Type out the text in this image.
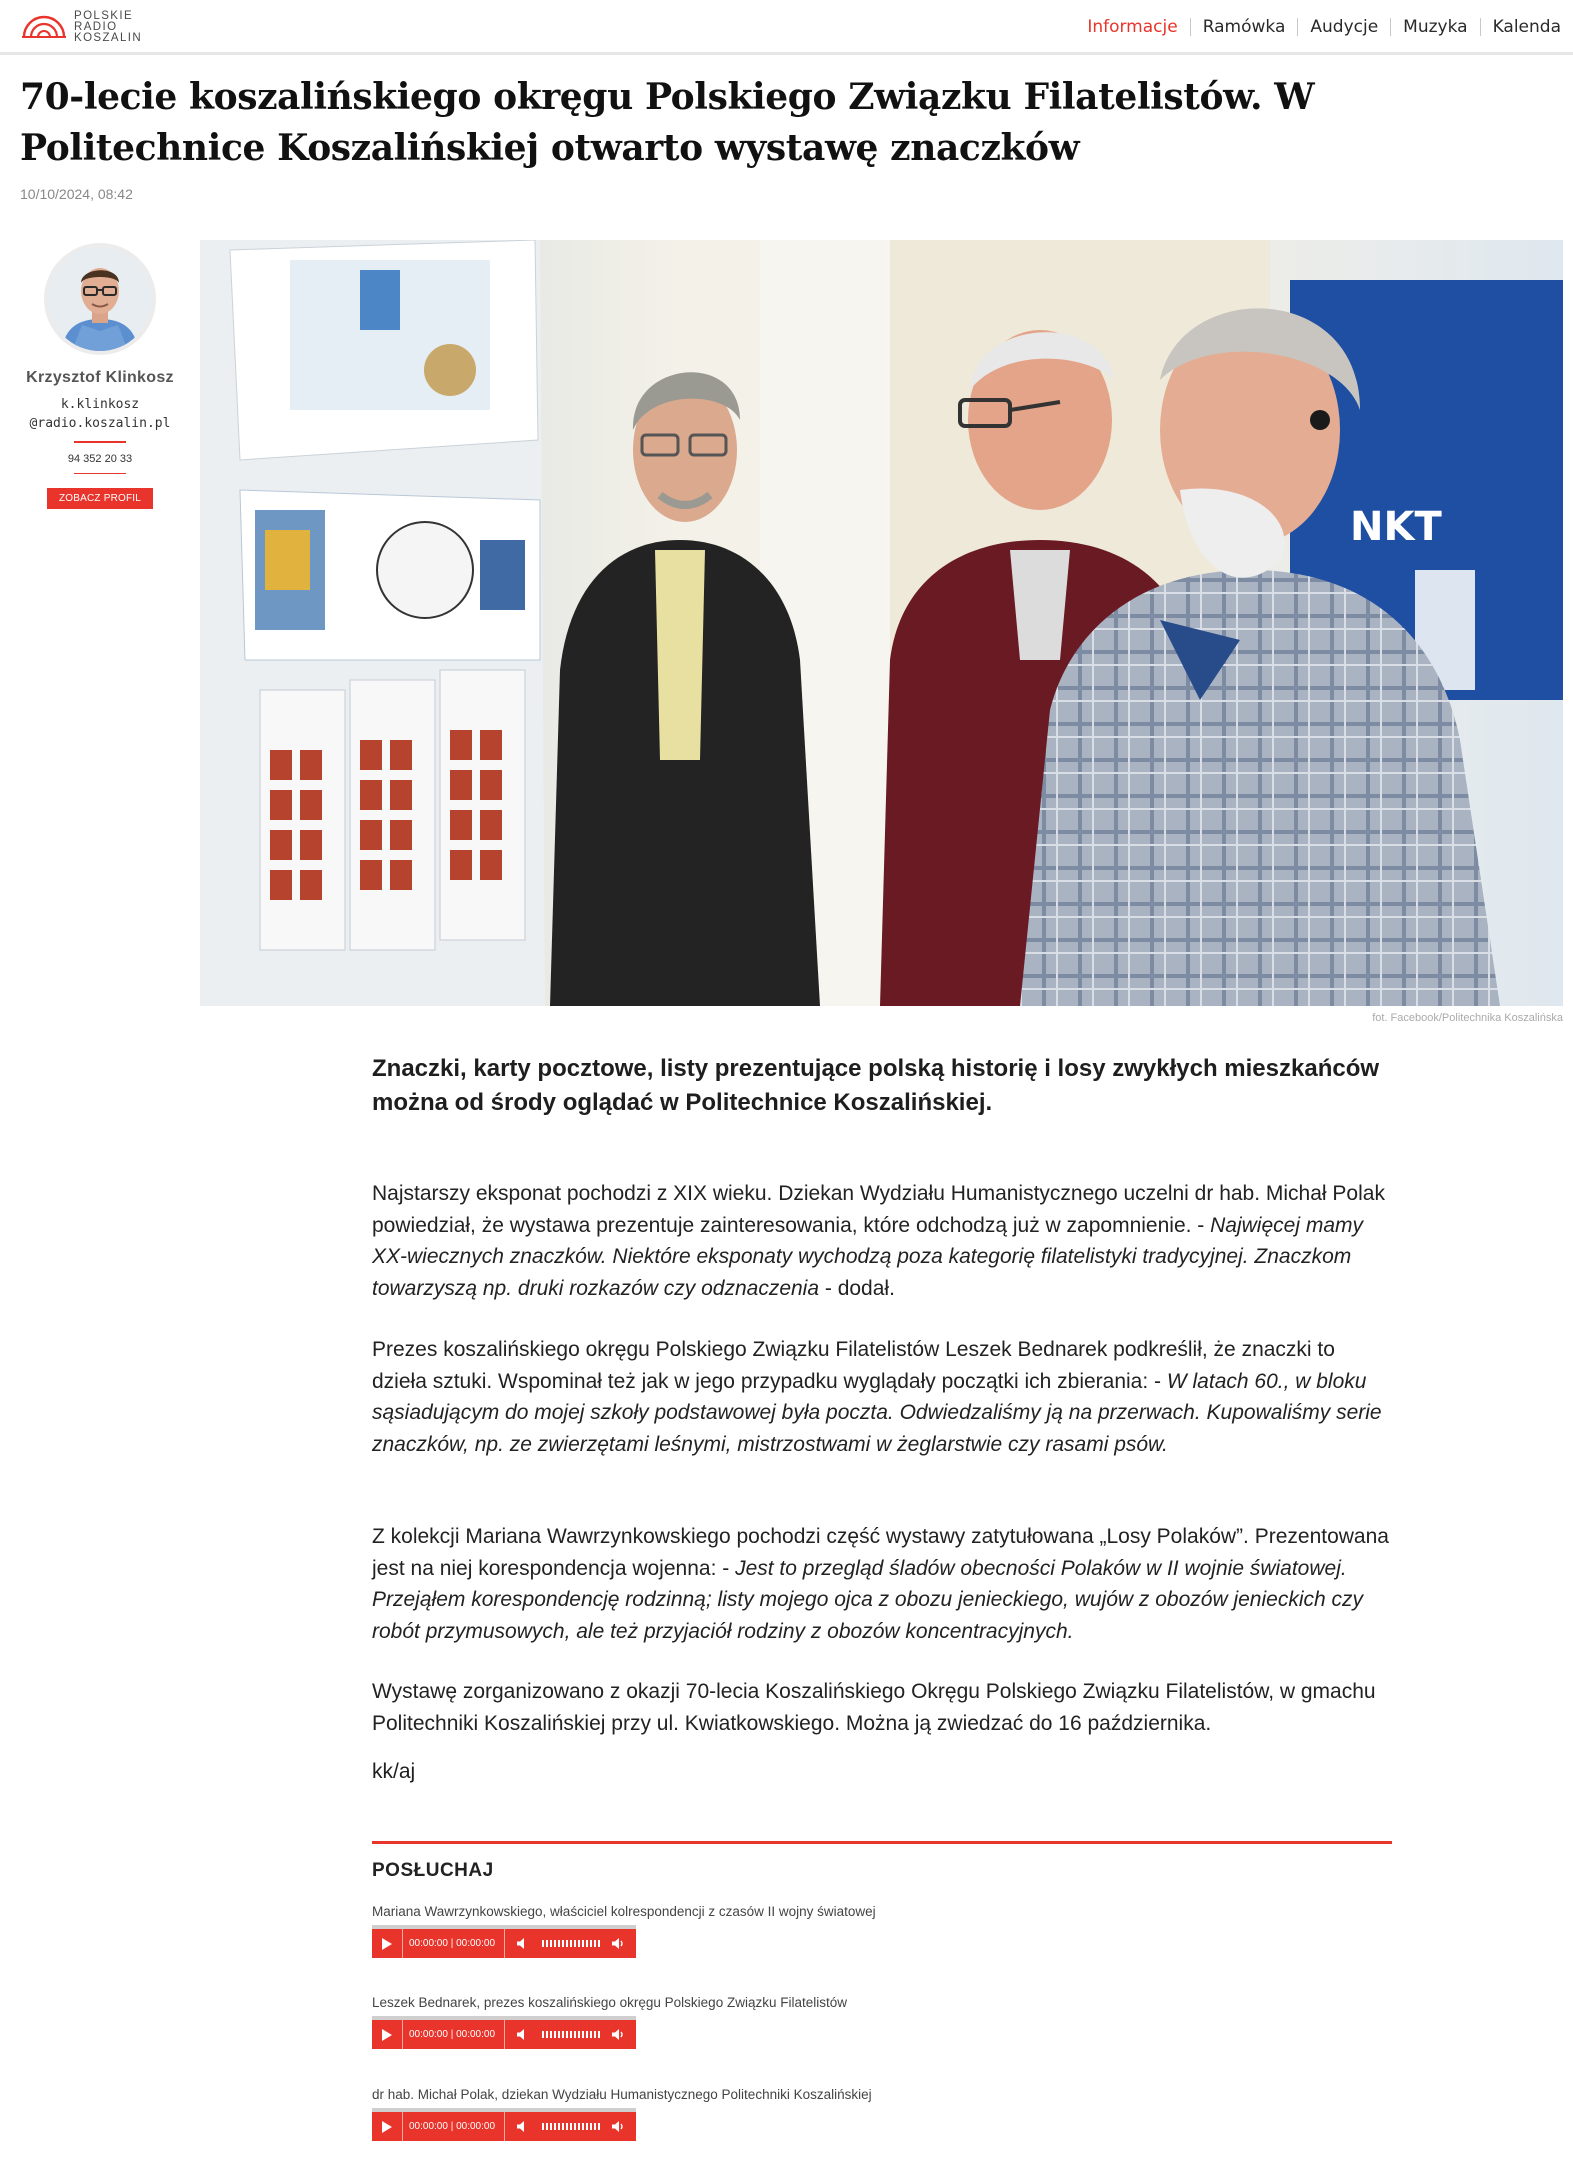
POLSKIE
RADIO
KOSZALIN
Informacje	Ramówka	Audycje	Muzyka	Kalenda
70-lecie koszalińskiego okręgu Polskiego Związku Filatelistów. W Politechnice Koszalińskiej otwarto wystawę znaczków
10/10/2024, 08:42
Krzysztof Klinkosz
k.klinkosz
@radio.koszalin.pl
94 352 20 33
ZOBACZ PROFIL
NKT
fot. Facebook/Politechnika Koszalińska

Znaczki, karty pocztowe, listy prezentujące polską historię i losy zwykłych mieszkańców można od środy oglądać w Politechnice Koszalińskiej.

Najstarszy eksponat pochodzi z XIX wieku. Dziekan Wydziału Humanistycznego uczelni dr hab. Michał Polak powiedział, że wystawa prezentuje zainteresowania, które odchodzą już w zapomnienie. - Najwięcej mamy XX-wiecznych znaczków. Niektóre eksponaty wychodzą poza kategorię filatelistyki tradycyjnej. Znaczkom towarzyszą np. druki rozkazów czy odznaczenia - dodał.

Prezes koszalińskiego okręgu Polskiego Związku Filatelistów Leszek Bednarek podkreślił, że znaczki to dzieła sztuki. Wspominał też jak w jego przypadku wyglądały początki ich zbierania: - W latach 60., w bloku sąsiadującym do mojej szkoły podstawowej była poczta. Odwiedzaliśmy ją na przerwach. Kupowaliśmy serie znaczków, np. ze zwierzętami leśnymi, mistrzostwami w żeglarstwie czy rasami psów.

Z kolekcji Mariana Wawrzynkowskiego pochodzi część wystawy zatytułowana „Losy Polaków”. Prezentowana jest na niej korespondencja wojenna: - Jest to przegląd śladów obecności Polaków w II wojnie światowej. Przejąłem korespondencję rodzinną; listy mojego ojca z obozu jenieckiego, wujów z obozów jenieckich czy robót przymusowych, ale też przyjaciół rodziny z obozów koncentracyjnych.

Wystawę zorganizowano z okazji 70-lecia Koszalińskiego Okręgu Polskiego Związku Filatelistów, w gmachu Politechniki Koszalińskiej przy ul. Kwiatkowskiego. Można ją zwiedzać do 16 października.

kk/aj
POSŁUCHAJ
Mariana Wawrzynkowskiego, właściciel kolrespondencji z czasów II wojny światowej
00:00:00 | 00:00:00
Leszek Bednarek, prezes koszalińskiego okręgu Polskiego Związku Filatelistów
00:00:00 | 00:00:00
dr hab. Michał Polak, dziekan Wydziału Humanistycznego Politechniki Koszalińskiej
00:00:00 | 00:00:00
